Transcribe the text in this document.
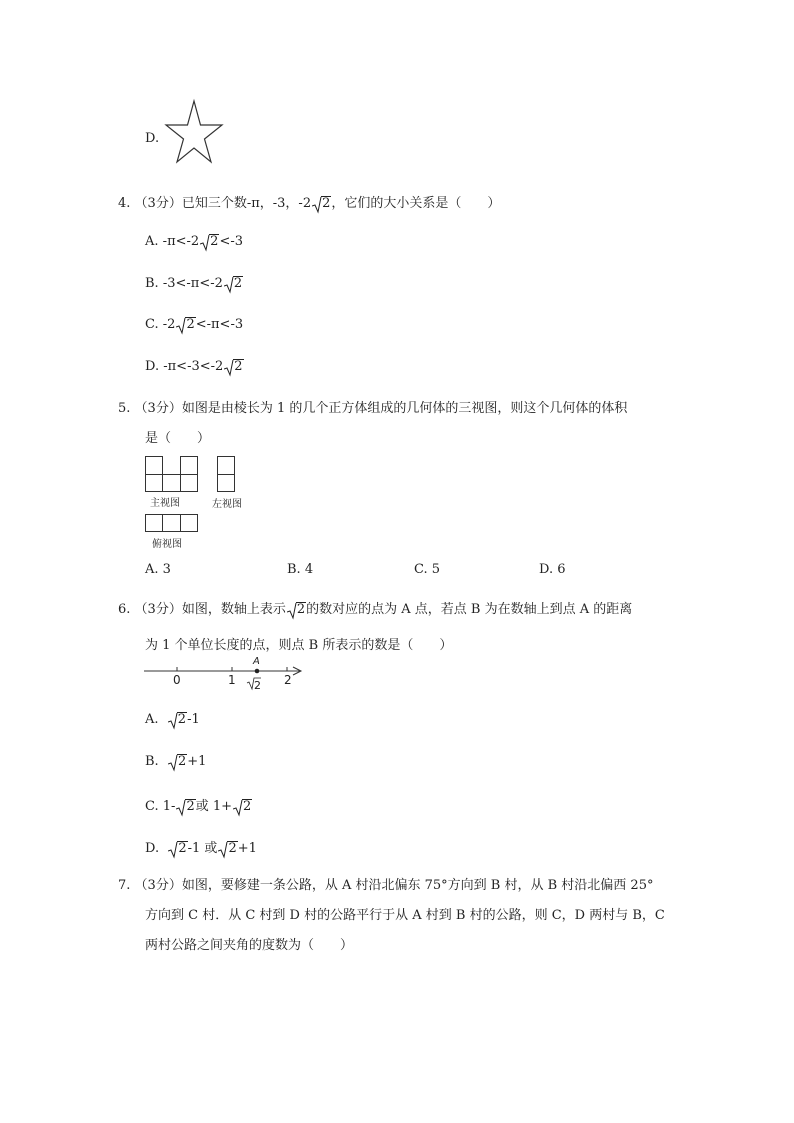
D.
4. （3分）已知三个数-π，-3，-2 2，它们的大小关系是（　　）
A. -π<-2 2<-3
B. -3<-π<-2 2
C. -2 2<-π<-3
D. -π<-3<-2 2
5. （3分）如图是由棱长为 1 的几个正方体组成的几何体的三视图，则这个几何体的体积
是（　　）
主视图	左视图
俯视图
A. 3	B. 4	C. 5	D. 6
6. （3分）如图，数轴上表示 2的数对应的点为 A 点，若点 B 为在数轴上到点 A 的距离
为 1 个单位长度的点，则点 B 所表示的数是（　　）
0	1	2
A
2
A. 2-1
B. 2+1
C. 1- 2或 1+ 2
D. 2-1 或 2+1
7. （3分）如图，要修建一条公路，从 A 村沿北偏东 75°方向到 B 村，从 B 村沿北偏西 25°
方向到 C 村．从 C 村到 D 村的公路平行于从 A 村到 B 村的公路，则 C，D 两村与 B，C
两村公路之间夹角的度数为（　　）
